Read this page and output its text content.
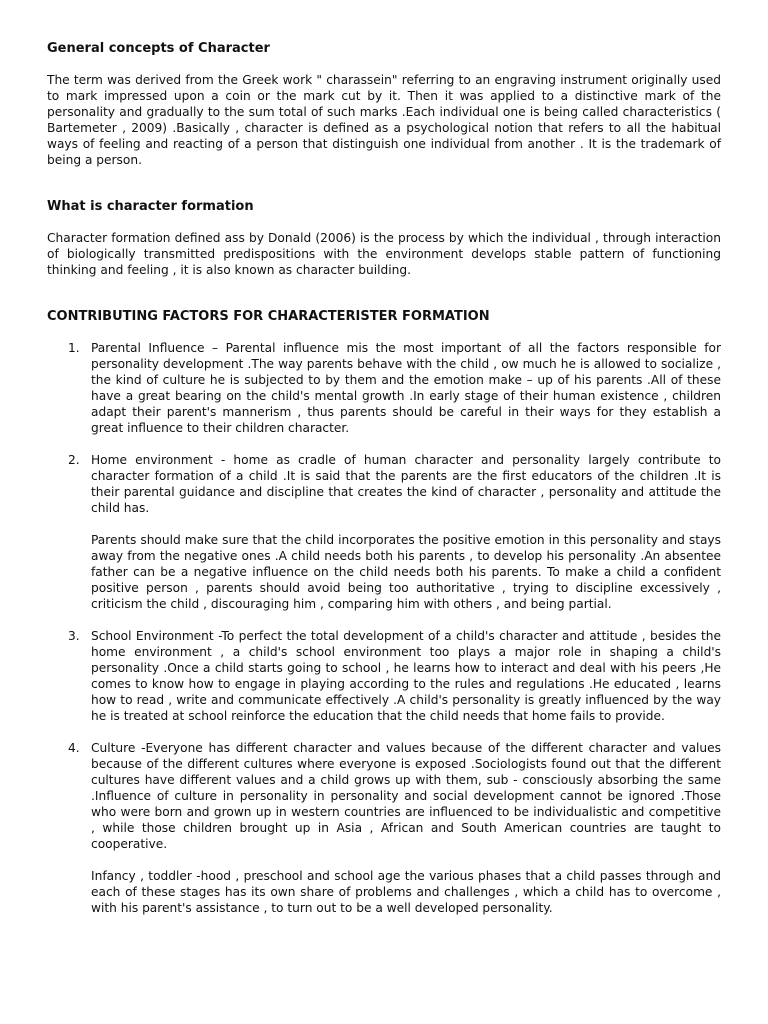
General concepts of Character

The term was derived from the Greek work " charassein" referring to an engraving instrument originally used to mark impressed upon a coin or the mark cut by it. Then it was applied to a distinctive mark of the personality and gradually to the sum total of such marks .Each individual one is being called characteristics ( Bartemeter , 2009) .Basically , character is defined as a psychological notion that refers to all the habitual ways of feeling and reacting of a person that distinguish one individual from another . It is the trademark of being a person.

What is character formation

Character formation defined ass by Donald (2006) is the process by which the individual , through interaction of biologically transmitted predispositions with the environment develops stable pattern of functioning thinking and feeling , it is also known as character building.

CONTRIBUTING FACTORS FOR CHARACTERISTER FORMATION
1. Parental Influence – Parental influence mis the most important of all the factors responsible for personality development .The way parents behave with the child , ow much he is allowed to socialize , the kind of culture he is subjected to by them and the emotion make – up of his parents .All of these have a great bearing on the child's mental growth .In early stage of their human existence , children adapt their parent's mannerism , thus parents should be careful in their ways for they establish a great influence to their children character.

2. Home environment - home as cradle of human character and personality largely contribute to character formation of a child .It is said that the parents are the first educators of the children .It is their parental guidance and discipline that creates the kind of character , personality and attitude the child has.

Parents should make sure that the child incorporates the positive emotion in this personality and stays away from the negative ones .A child needs both his parents , to develop his personality .An absentee father can be a negative influence on the child needs both his parents. To make a child a confident positive person , parents should avoid being too authoritative , trying to discipline excessively , criticism the child , discouraging him , comparing him with others , and being partial.

3. School Environment -To perfect the total development of a child's character and attitude , besides the home environment , a child's school environment too plays a major role in shaping a child's personality .Once a child starts going to school , he learns how to interact and deal with his peers ,He comes to know how to engage in playing according to the rules and regulations .He educated , learns how to read , write and communicate effectively .A child's personality is greatly influenced by the way he is treated at school reinforce the education that the child needs that home fails to provide.

4. Culture -Everyone has different character and values because of the different character and values because of the different cultures where everyone is exposed .Sociologists found out that the different cultures have different values and a child grows up with them, sub - consciously absorbing the same .Influence of culture in personality in personality and social development cannot be ignored .Those who were born and grown up in western countries are influenced to be individualistic and competitive , while those children brought up in Asia , African and South American countries are taught to cooperative.

Infancy , toddler -hood , preschool and school age the various phases that a child passes through and each of these stages has its own share of problems and challenges , which a child has to overcome , with his parent's assistance , to turn out to be a well developed personality.
